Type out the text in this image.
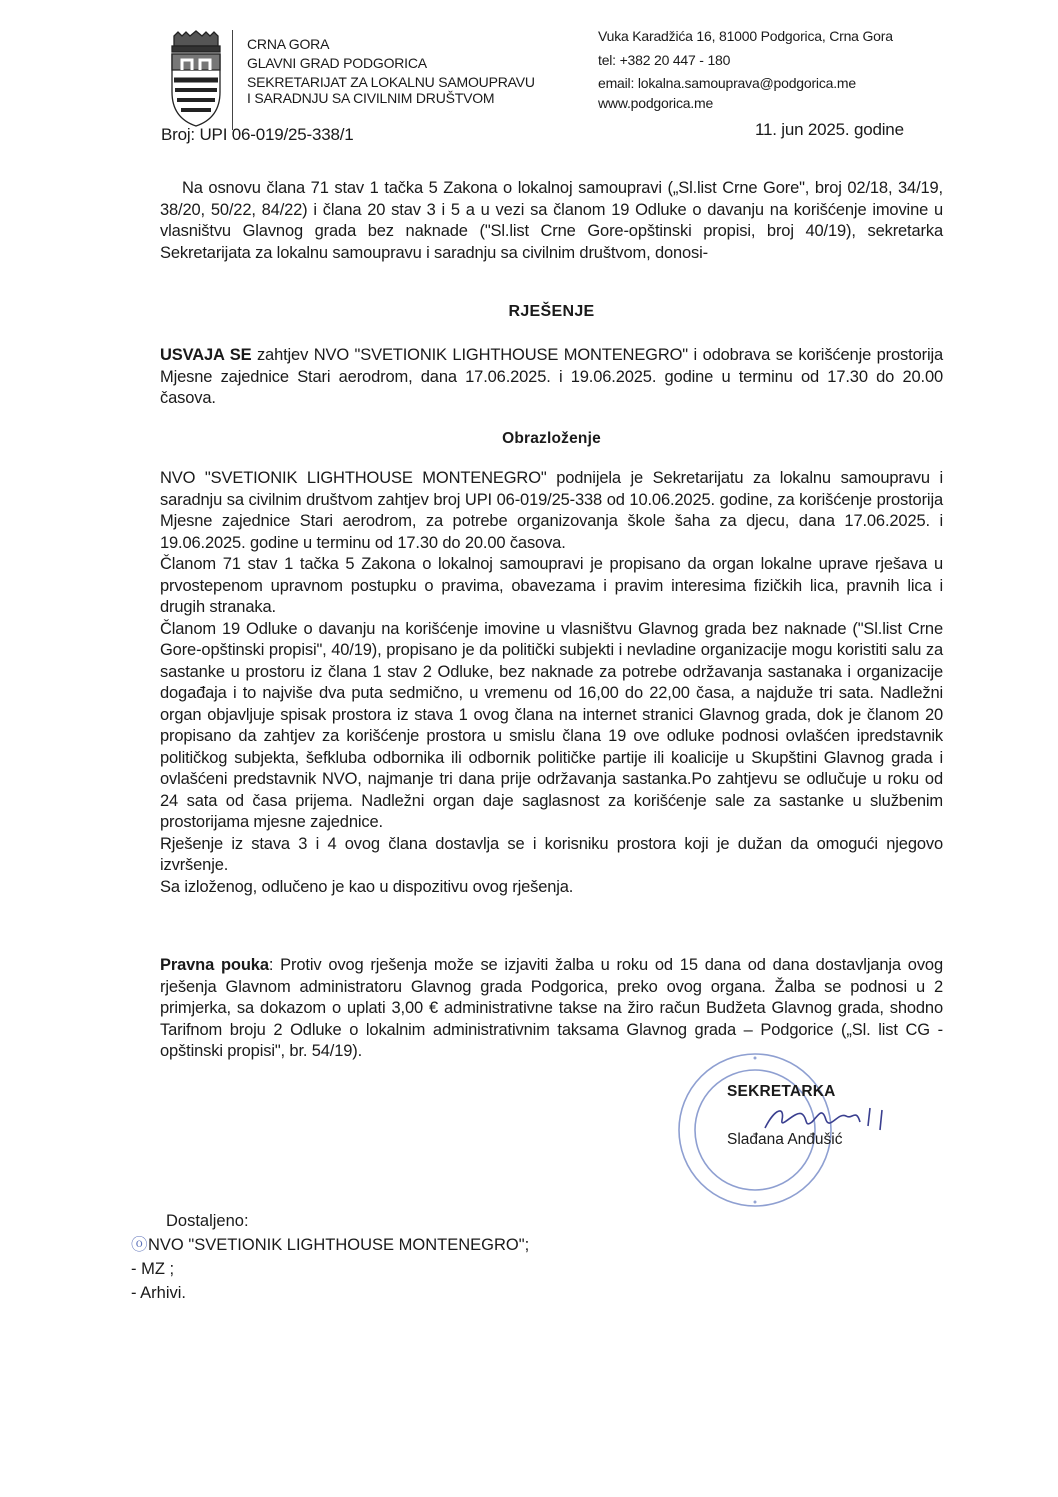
CRNA GORA
GLAVNI GRAD PODGORICA
SEKRETARIJAT ZA LOKALNU SAMOUPRAVU
I SARADNJU SA CIVILNIM DRUŠTVOM
Vuka Karadžića 16, 81000 Podgorica, Crna Gora
tel: +382 20 447 - 180
email: lokalna.samouprava@podgorica.me
www.podgorica.me
Broj: UPI 06-019/25-338/1	11. jun 2025. godine

Na osnovu člana 71 stav 1 tačka 5 Zakona o lokalnoj samoupravi („Sl.list Crne Gore", broj 02/18, 34/19, 38/20, 50/22, 84/22) i člana 20 stav 3 i 5 a u vezi sa članom 19 Odluke o davanju na korišćenje imovine u vlasništvu Glavnog grada bez naknade ("Sl.list Crne Gore-opštinski propisi, broj 40/19), sekretarka Sekretarijata za lokalnu samoupravu i saradnju sa civilnim društvom, donosi-

RJEŠENJE

USVAJA SE zahtjev NVO "SVETIONIK LIGHTHOUSE MONTENEGRO" i odobrava se korišćenje prostorija Mjesne zajednice Stari aerodrom, dana 17.06.2025. i 19.06.2025. godine u terminu od 17.30 do 20.00 časova.

Obrazloženje

NVO "SVETIONIK LIGHTHOUSE MONTENEGRO" podnijela je Sekretarijatu za lokalnu samoupravu i saradnju sa civilnim društvom zahtjev broj UPI 06-019/25-338 od 10.06.2025. godine, za korišćenje prostorija Mjesne zajednice Stari aerodrom, za potrebe organizovanja škole šaha za djecu, dana 17.06.2025. i 19.06.2025. godine u terminu od 17.30 do 20.00 časova.

Članom 71 stav 1 tačka 5 Zakona o lokalnoj samoupravi je propisano da organ lokalne uprave rješava u prvostepenom upravnom postupku o pravima, obavezama i pravim interesima fizičkih lica, pravnih lica i drugih stranaka.

Članom 19 Odluke o davanju na korišćenje imovine u vlasništvu Glavnog grada bez naknade ("Sl.list Crne Gore-opštinski propisi", 40/19), propisano je da politički subjekti i nevladine organizacije mogu koristiti salu za sastanke u prostoru iz člana 1 stav 2 Odluke, bez naknade za potrebe održavanja sastanaka i organizacije događaja i to najviše dva puta sedmično, u vremenu od 16,00 do 22,00 časa, a najduže tri sata. Nadležni organ objavljuje spisak prostora iz stava 1 ovog člana na internet stranici Glavnog grada, dok je članom 20 propisano da zahtjev za korišćenje prostora u smislu člana 19 ove odluke podnosi ovlašćen ipredstavnik političkog subjekta, šefkluba odbornika ili odbornik političke partije ili koalicije u Skupštini Glavnog grada i ovlašćeni predstavnik NVO, najmanje tri dana prije održavanja sastanka.Po zahtjevu se odlučuje u roku od 24 sata od časa prijema. Nadležni organ daje saglasnost za korišćenje sale za sastanke u službenim prostorijama mjesne zajednice.

Rješenje iz stava 3 i 4 ovog člana dostavlja se i korisniku prostora koji je dužan da omogući njegovo izvršenje.

Sa izloženog, odlučeno je kao u dispozitivu ovog rješenja.

Pravna pouka: Protiv ovog rješenja može se izjaviti žalba u roku od 15 dana od dana dostavljanja ovog rješenja Glavnom administratoru Glavnog grada Podgorica, preko ovog organa. Žalba se podnosi u 2 primjerka, sa dokazom o uplati 3,00 € administrativne takse na žiro račun Budžeta Glavnog grada, shodno Tarifnom broju 2 Odluke o lokalnim administrativnim taksama Glavnog grada – Podgorice („Sl. list CG - opštinski propisi", br. 54/19).

SEKRETARKA
Slađana Anđušić
Dostaljeno:
ⓞ NVO "SVETIONIK LIGHTHOUSE MONTENEGRO";
- MZ ;
- Arhivi.
